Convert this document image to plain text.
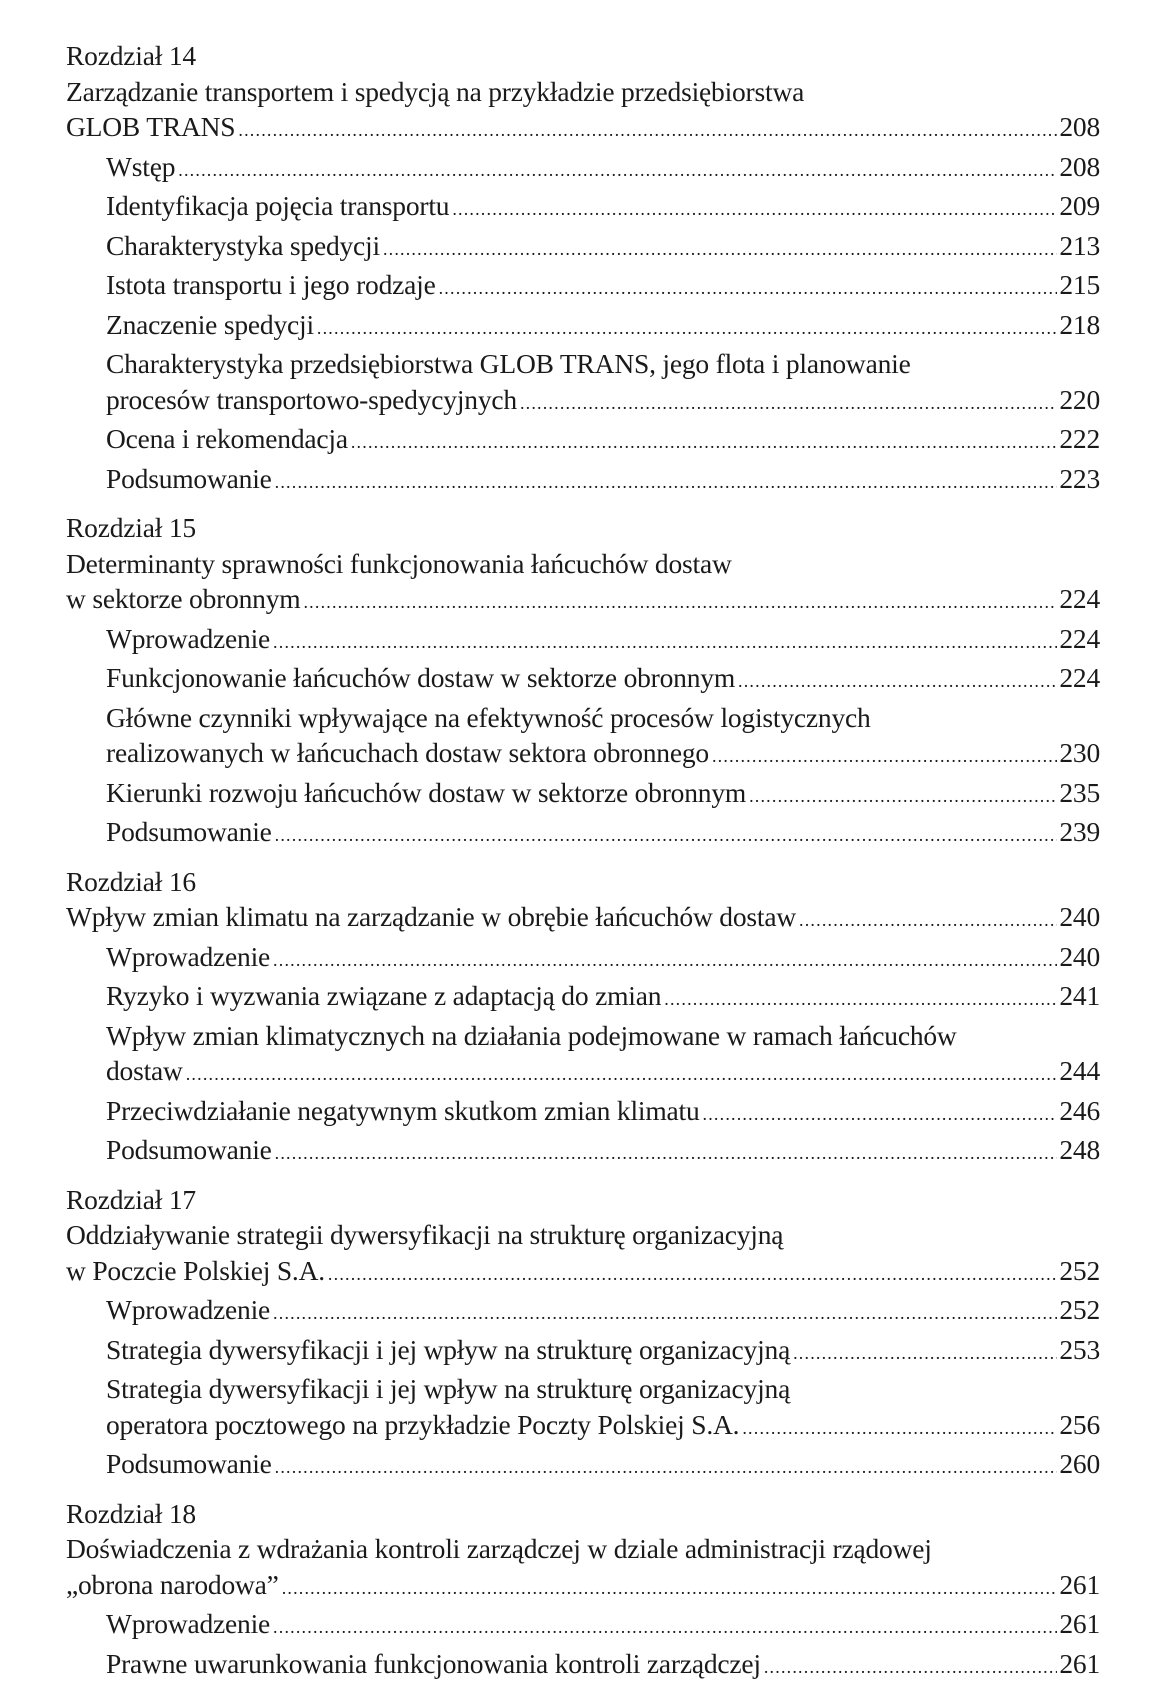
Rozdział 14
Zarządzanie transportem i spedycją na przykładzie przedsiębiorstwa
GLOB TRANS .....	208
Wstęp .....	208
Identyfikacja pojęcia transportu .....	209
Charakterystyka spedycji .....	213
Istota transportu i jego rodzaje .....	215
Znaczenie spedycji .....	218
Charakterystyka przedsiębiorstwa GLOB TRANS, jego flota i planowanie
procesów transportowo-spedycyjnych .....	220
Ocena i rekomendacja .....	222
Podsumowanie .....	223
Rozdział 15
Determinanty sprawności funkcjonowania łańcuchów dostaw
w sektorze obronnym .....	224
Wprowadzenie .....	224
Funkcjonowanie łańcuchów dostaw w sektorze obronnym .....	224
Główne czynniki wpływające na efektywność procesów logistycznych
realizowanych w łańcuchach dostaw sektora obronnego .....	230
Kierunki rozwoju łańcuchów dostaw w sektorze obronnym .....	235
Podsumowanie .....	239
Rozdział 16
Wpływ zmian klimatu na zarządzanie w obrębie łańcuchów dostaw .....	240
Wprowadzenie .....	240
Ryzyko i wyzwania związane z adaptacją do zmian .....	241
Wpływ zmian klimatycznych na działania podejmowane w ramach łańcuchów
dostaw .....	244
Przeciwdziałanie negatywnym skutkom zmian klimatu .....	246
Podsumowanie .....	248
Rozdział 17
Oddziaływanie strategii dywersyfikacji na strukturę organizacyjną
w Poczcie Polskiej S.A. .....	252
Wprowadzenie .....	252
Strategia dywersyfikacji i jej wpływ na strukturę organizacyjną .....	253
Strategia dywersyfikacji i jej wpływ na strukturę organizacyjną
operatora pocztowego na przykładzie Poczty Polskiej S.A. .....	256
Podsumowanie .....	260
Rozdział 18
Doświadczenia z wdrażania kontroli zarządczej w dziale administracji rządowej
„obrona narodowa” .....	261
Wprowadzenie .....	261
Prawne uwarunkowania funkcjonowania kontroli zarządczej .....	261
